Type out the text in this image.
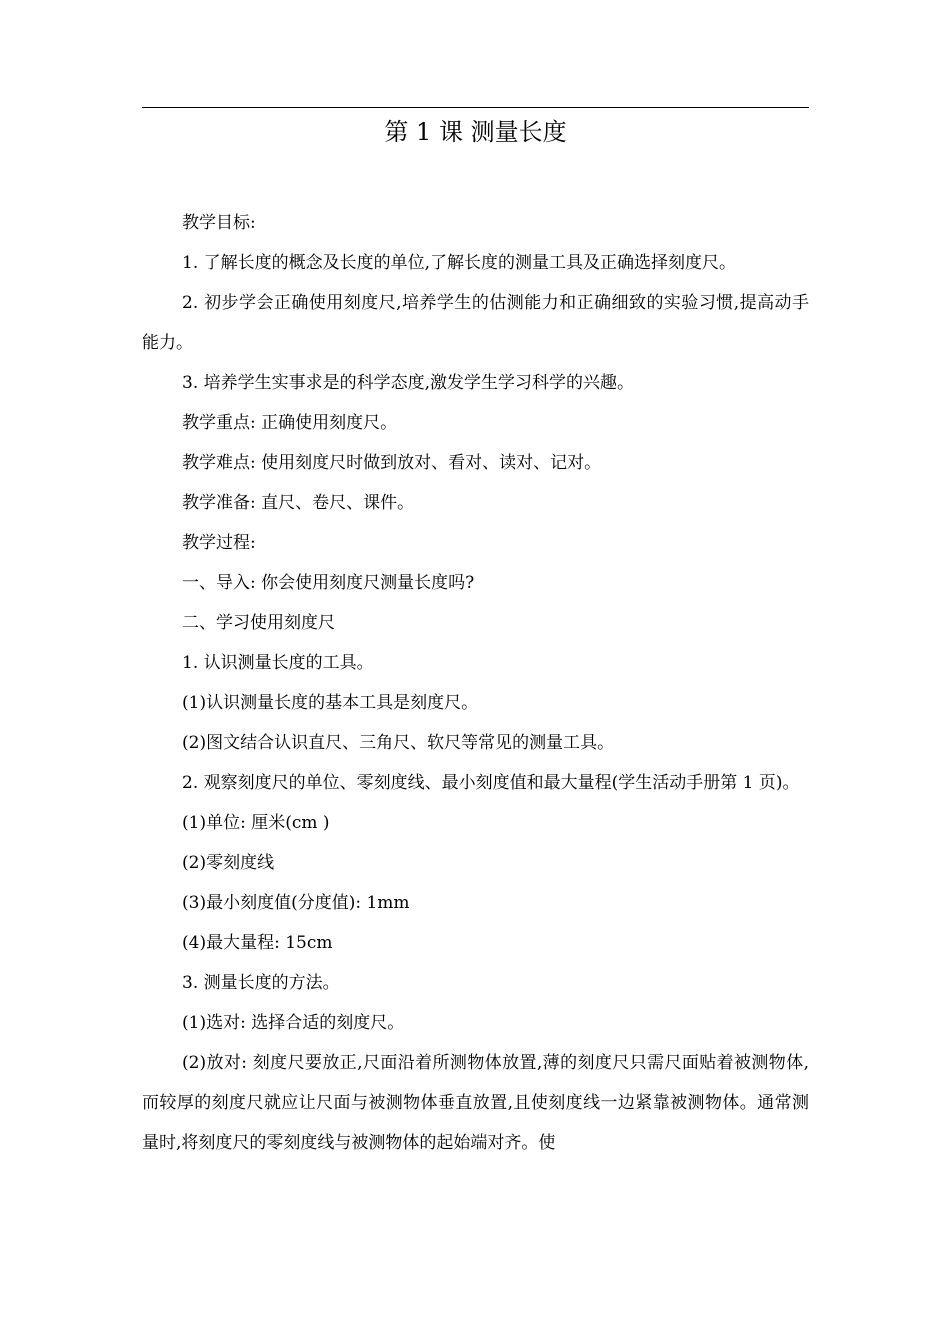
第 1 课 测量长度

教学目标:

1. 了解长度的概念及长度的单位,了解长度的测量工具及正确选择刻度尺。

2. 初步学会正确使用刻度尺,培养学生的估测能力和正确细致的实验习惯,提高动手能力。

3. 培养学生实事求是的科学态度,激发学生学习科学的兴趣。

教学重点: 正确使用刻度尺。

教学难点: 使用刻度尺时做到放对、看对、读对、记对。

教学准备: 直尺、卷尺、课件。

教学过程:

一、导入: 你会使用刻度尺测量长度吗?

二、学习使用刻度尺

1. 认识测量长度的工具。

(1)认识测量长度的基本工具是刻度尺。

(2)图文结合认识直尺、三角尺、软尺等常见的测量工具。

2. 观察刻度尺的单位、零刻度线、最小刻度值和最大量程(学生活动手册第 1 页)。

(1)单位: 厘米(cm )

(2)零刻度线

(3)最小刻度值(分度值): 1mm

(4)最大量程: 15cm

3. 测量长度的方法。

(1)选对: 选择合适的刻度尺。

(2)放对: 刻度尺要放正,尺面沿着所测物体放置,薄的刻度尺只需尺面贴着被测物体,而较厚的刻度尺就应让尺面与被测物体垂直放置,且使刻度线一边紧靠被测物体。通常测量时,将刻度尺的零刻度线与被测物体的起始端对齐。使
